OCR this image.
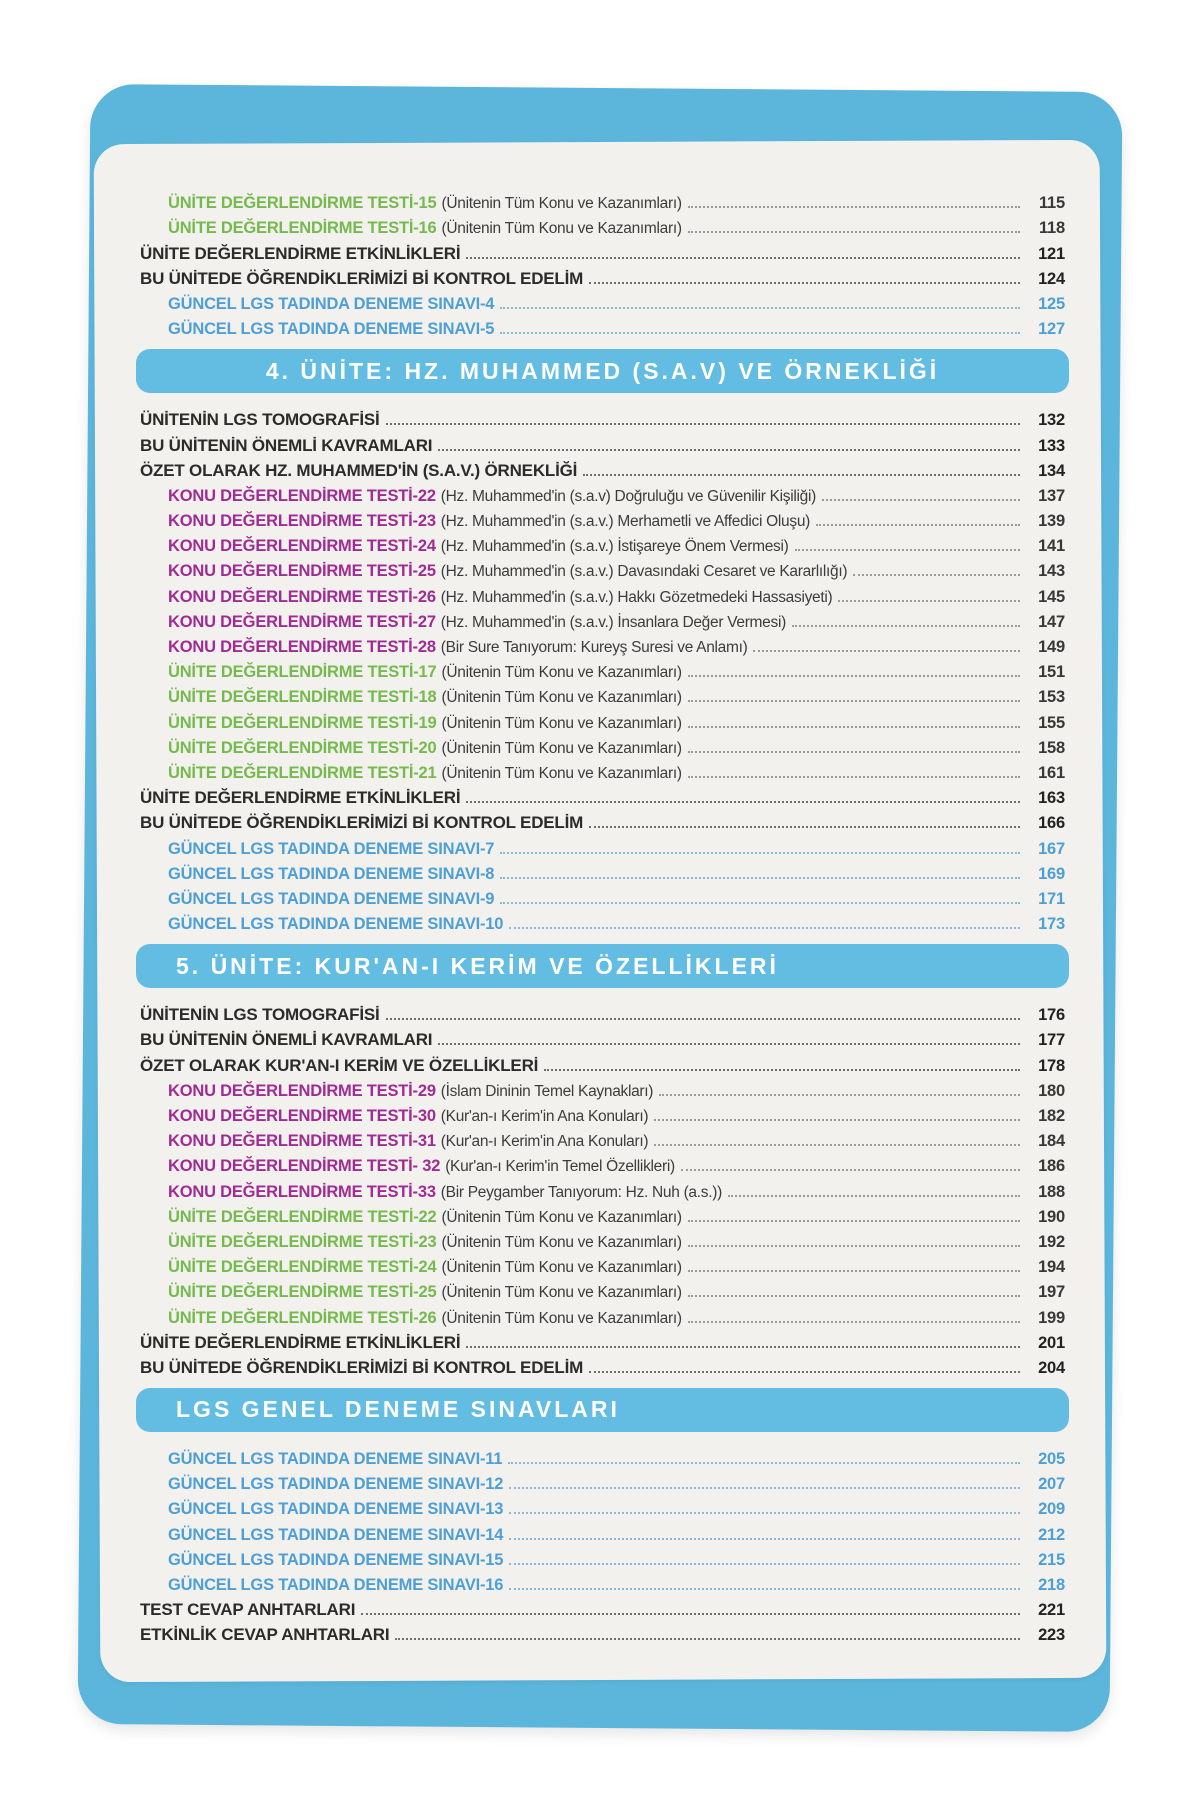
ÜNİTE DEĞERLENDİRME TESTİ-15 (Ünitenin Tüm Konu ve Kazanımları)	115
ÜNİTE DEĞERLENDİRME TESTİ-16 (Ünitenin Tüm Konu ve Kazanımları)	118
ÜNİTE DEĞERLENDİRME ETKİNLİKLERİ	121
BU ÜNİTEDE ÖĞRENDİKLERİMİZİ Bİ KONTROL EDELİM	124
GÜNCEL LGS TADINDA DENEME SINAVI-4	125
GÜNCEL LGS TADINDA DENEME SINAVI-5	127
4. ÜNİTE: HZ. MUHAMMED (S.A.V) VE ÖRNEKLİĞİ
ÜNİTENİN LGS TOMOGRAFİSİ	132
BU ÜNİTENİN ÖNEMLİ KAVRAMLARI	133
ÖZET OLARAK HZ. MUHAMMED'İN (S.A.V.) ÖRNEKLİĞİ	134
KONU DEĞERLENDİRME TESTİ-22 (Hz. Muhammed'in (s.a.v) Doğruluğu ve Güvenilir Kişiliği)	137
KONU DEĞERLENDİRME TESTİ-23 (Hz. Muhammed'in (s.a.v.) Merhametli ve Affedici Oluşu)	139
KONU DEĞERLENDİRME TESTİ-24 (Hz. Muhammed'in (s.a.v.) İstişareye Önem Vermesi)	141
KONU DEĞERLENDİRME TESTİ-25 (Hz. Muhammed'in (s.a.v.) Davasındaki Cesaret ve Kararlılığı)	143
KONU DEĞERLENDİRME TESTİ-26 (Hz. Muhammed'in (s.a.v.) Hakkı Gözetmedeki Hassasiyeti)	145
KONU DEĞERLENDİRME TESTİ-27 (Hz. Muhammed'in (s.a.v.) İnsanlara Değer Vermesi)	147
KONU DEĞERLENDİRME TESTİ-28 (Bir Sure Tanıyorum: Kureyş Suresi ve Anlamı)	149
ÜNİTE DEĞERLENDİRME TESTİ-17 (Ünitenin Tüm Konu ve Kazanımları)	151
ÜNİTE DEĞERLENDİRME TESTİ-18 (Ünitenin Tüm Konu ve Kazanımları)	153
ÜNİTE DEĞERLENDİRME TESTİ-19 (Ünitenin Tüm Konu ve Kazanımları)	155
ÜNİTE DEĞERLENDİRME TESTİ-20 (Ünitenin Tüm Konu ve Kazanımları)	158
ÜNİTE DEĞERLENDİRME TESTİ-21 (Ünitenin Tüm Konu ve Kazanımları)	161
ÜNİTE DEĞERLENDİRME ETKİNLİKLERİ	163
BU ÜNİTEDE ÖĞRENDİKLERİMİZİ Bİ KONTROL EDELİM	166
GÜNCEL LGS TADINDA DENEME SINAVI-7	167
GÜNCEL LGS TADINDA DENEME SINAVI-8	169
GÜNCEL LGS TADINDA DENEME SINAVI-9	171
GÜNCEL LGS TADINDA DENEME SINAVI-10	173
5. ÜNİTE: KUR'AN-I KERİM VE ÖZELLİKLERİ
ÜNİTENİN LGS TOMOGRAFİSİ	176
BU ÜNİTENİN ÖNEMLİ KAVRAMLARI	177
ÖZET OLARAK KUR'AN-I KERİM VE ÖZELLİKLERİ	178
KONU DEĞERLENDİRME TESTİ-29 (İslam Dininin Temel Kaynakları)	180
KONU DEĞERLENDİRME TESTİ-30 (Kur'an-ı Kerim'in Ana Konuları)	182
KONU DEĞERLENDİRME TESTİ-31 (Kur'an-ı Kerim'in Ana Konuları)	184
KONU DEĞERLENDİRME TESTİ- 32 (Kur'an-ı Kerim'in Temel Özellikleri)	186
KONU DEĞERLENDİRME TESTİ-33 (Bir Peygamber Tanıyorum: Hz. Nuh (a.s.))	188
ÜNİTE DEĞERLENDİRME TESTİ-22 (Ünitenin Tüm Konu ve Kazanımları)	190
ÜNİTE DEĞERLENDİRME TESTİ-23 (Ünitenin Tüm Konu ve Kazanımları)	192
ÜNİTE DEĞERLENDİRME TESTİ-24 (Ünitenin Tüm Konu ve Kazanımları)	194
ÜNİTE DEĞERLENDİRME TESTİ-25 (Ünitenin Tüm Konu ve Kazanımları)	197
ÜNİTE DEĞERLENDİRME TESTİ-26 (Ünitenin Tüm Konu ve Kazanımları)	199
ÜNİTE DEĞERLENDİRME ETKİNLİKLERİ	201
BU ÜNİTEDE ÖĞRENDİKLERİMİZİ Bİ KONTROL EDELİM	204
LGS GENEL DENEME SINAVLARI
GÜNCEL LGS TADINDA DENEME SINAVI-11	205
GÜNCEL LGS TADINDA DENEME SINAVI-12	207
GÜNCEL LGS TADINDA DENEME SINAVI-13	209
GÜNCEL LGS TADINDA DENEME SINAVI-14	212
GÜNCEL LGS TADINDA DENEME SINAVI-15	215
GÜNCEL LGS TADINDA DENEME SINAVI-16	218
TEST CEVAP ANHTARLARI	221
ETKİNLİK CEVAP ANHTARLARI	223
